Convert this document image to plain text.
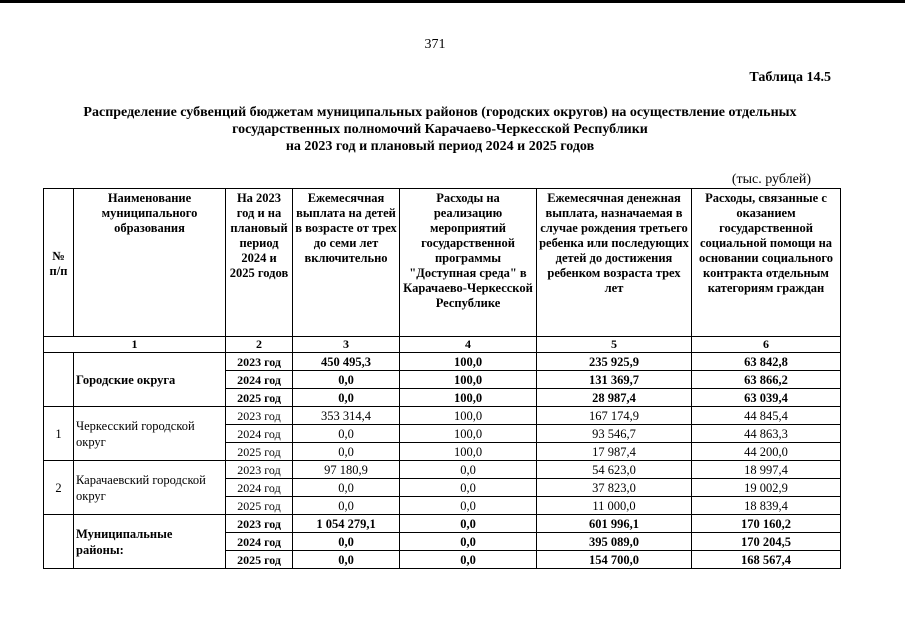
371
Таблица 14.5
Распределение субвенций бюджетам муниципальных районов (городских округов) на осуществление отдельных
государственных полномочий Карачаево-Черкесской Республики
на 2023 год и плановый период 2024 и 2025 годов
(тыс. рублей)
№ п/п	Наименование муниципального образования	На 2023 год и на плановый период 2024 и 2025 годов	Ежемесячная выплата на детей в возрасте от трех до семи лет включительно	Расходы на реализацию мероприятий государственной программы "Доступная среда" в Карачаево-Черкесской Республике	Ежемесячная денежная выплата, назначаемая в случае рождения третьего ребенка или последующих детей до достижения ребенком возраста трех лет	Расходы, связанные с оказанием государственной социальной помощи на основании социального контракта отдельным категориям граждан
1		2	3	4	5	6
	Городские округа	2023 год	450 495,3	100,0	235 925,9	63 842,8
		2024 год	0,0	100,0	131 369,7	63 866,2
		2025 год	0,0	100,0	28 987,4	63 039,4
1	Черкесский городской округ	2023 год	353 314,4	100,0	167 174,9	44 845,4
		2024 год	0,0	100,0	93 546,7	44 863,3
		2025 год	0,0	100,0	17 987,4	44 200,0
2	Карачаевский городской округ	2023 год	97 180,9	0,0	54 623,0	18 997,4
		2024 год	0,0	0,0	37 823,0	19 002,9
		2025 год	0,0	0,0	11 000,0	18 839,4
	Муниципальные районы:	2023 год	1 054 279,1	0,0	601 996,1	170 160,2
		2024 год	0,0	0,0	395 089,0	170 204,5
		2025 год	0,0	0,0	154 700,0	168 567,4
